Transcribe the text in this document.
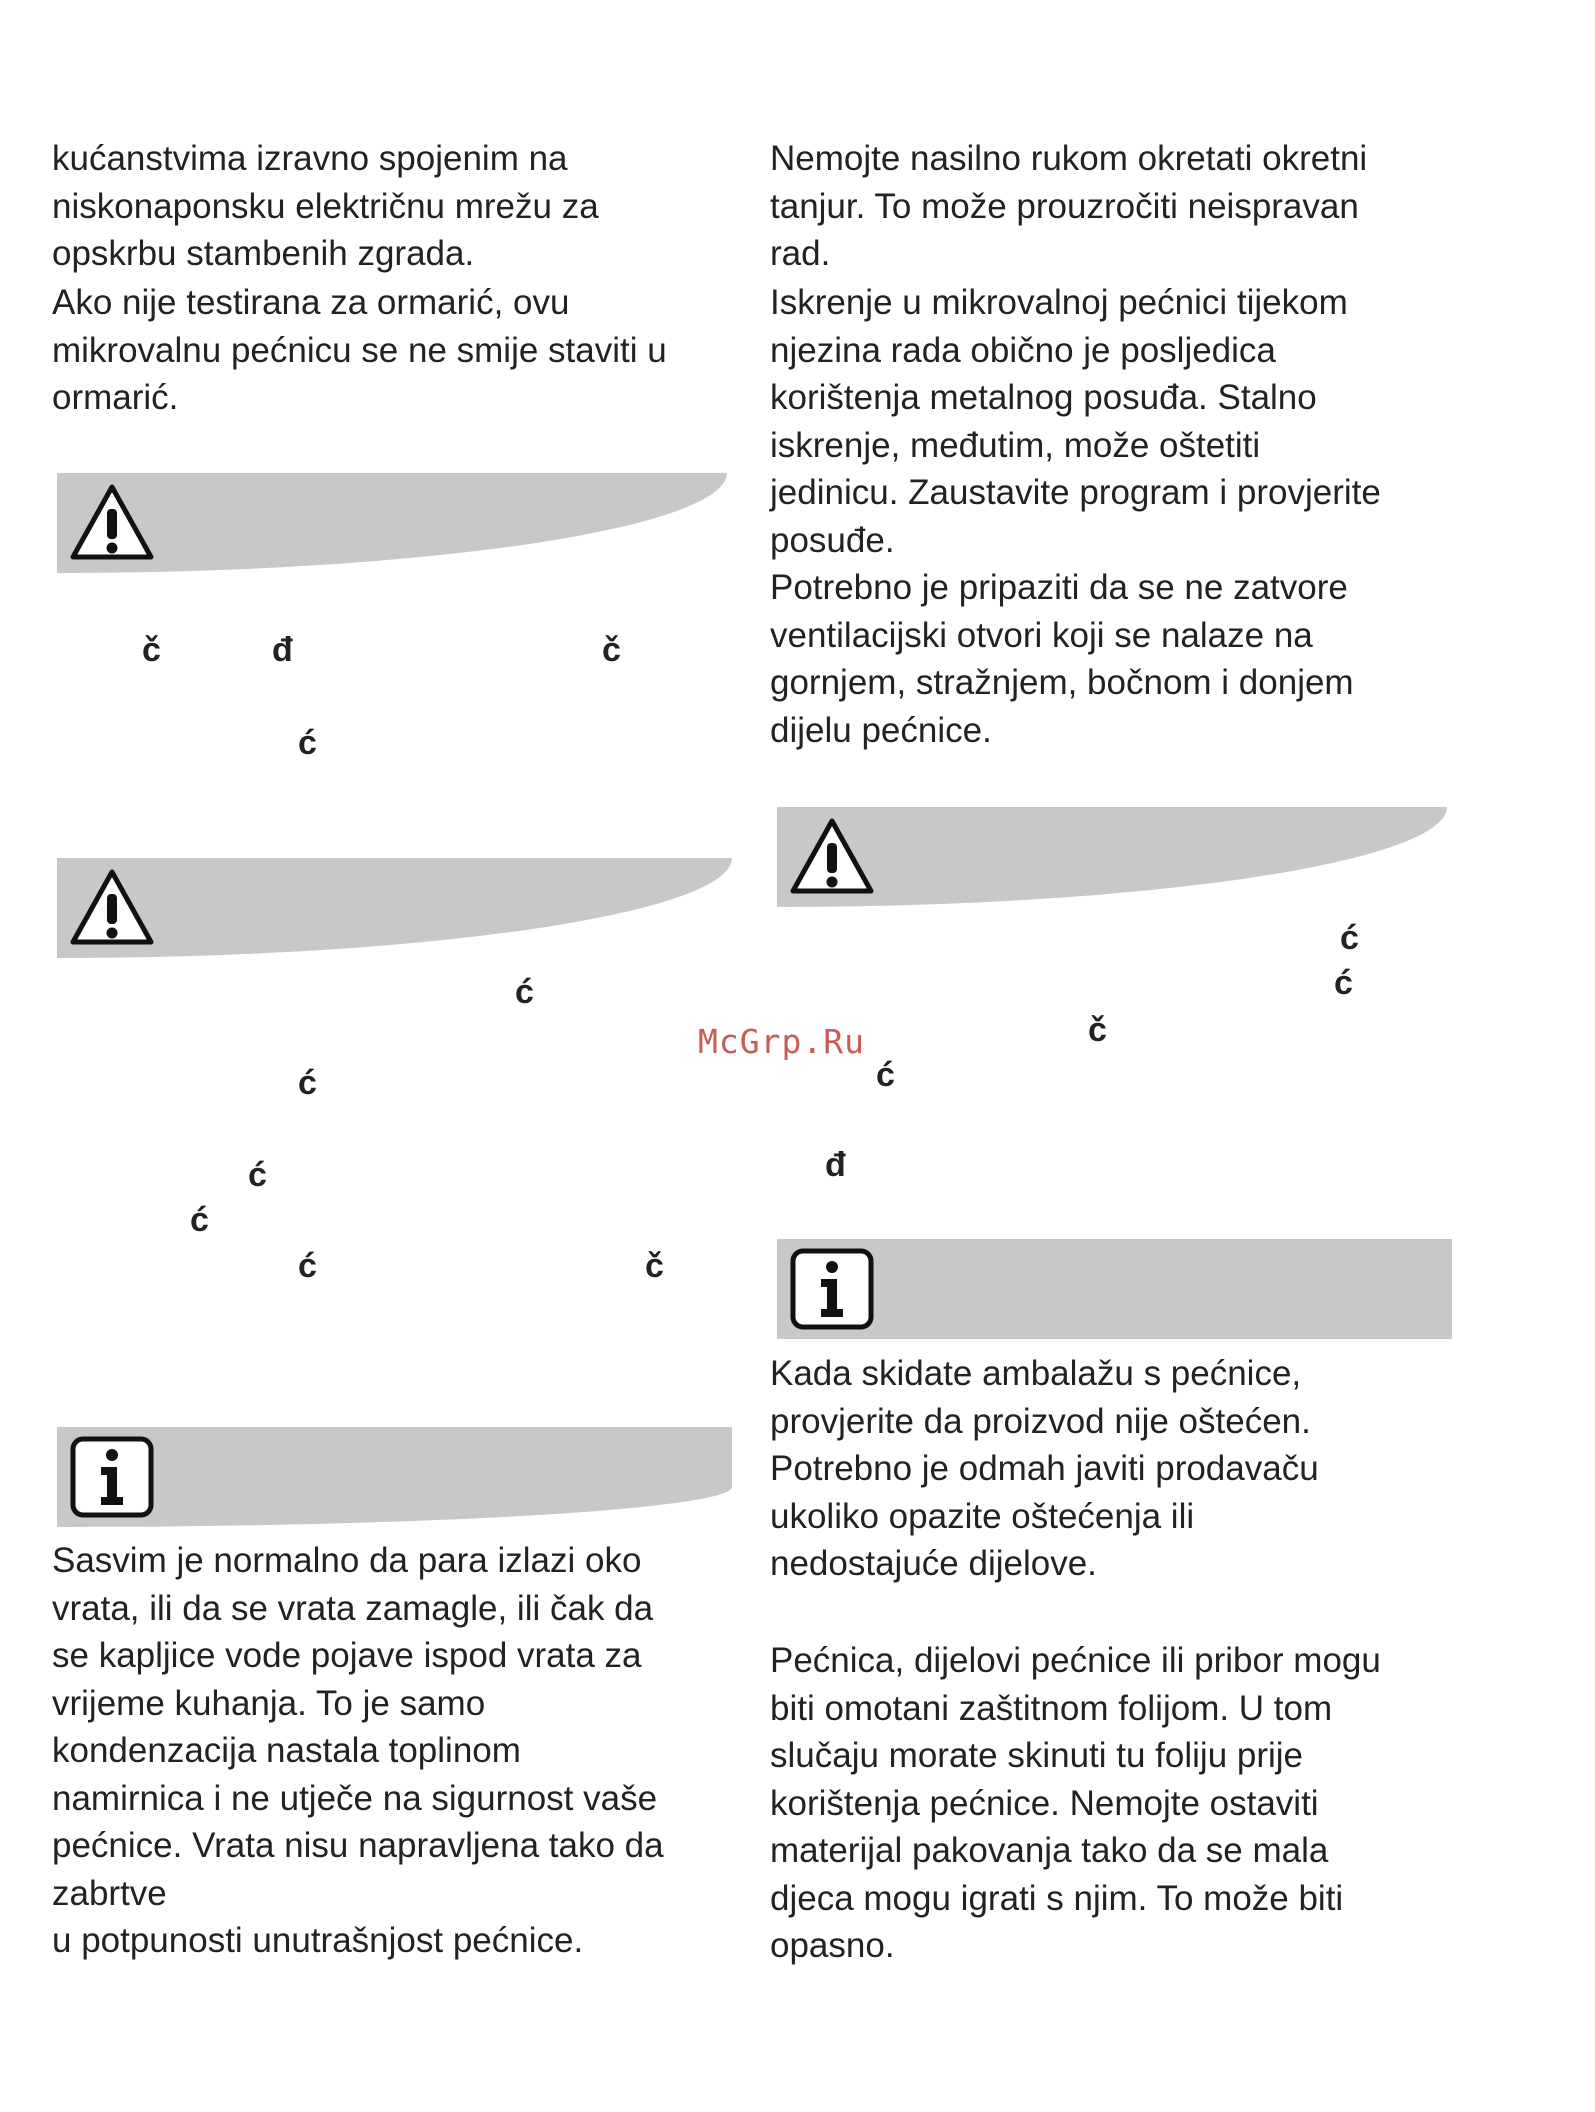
kućanstvima izravno spojenim na
niskonaponsku električnu mrežu za
opskrbu stambenih zgrada.

Ako nije testirana za ormarić, ovu
mikrovalnu pećnicu se ne smije staviti u
ormarić.

č	đ	č
ć
ć
ć
ć
ć
ć	č

Sasvim je normalno da para izlazi oko
vrata, ili da se vrata zamagle, ili čak da
se kapljice vode pojave ispod vrata za
vrijeme kuhanja. To je samo
kondenzacija nastala toplinom
namirnica i ne utječe na sigurnost vaše
pećnice. Vrata nisu napravljena tako da
zabrtve
u potpunosti unutrašnjost pećnice.

Nemojte nasilno rukom okretati okretni
tanjur. To može prouzročiti neispravan
rad.

Iskrenje u mikrovalnoj pećnici tijekom
njezina rada obično je posljedica
korištenja metalnog posuđa. Stalno
iskrenje, međutim, može oštetiti
jedinicu. Zaustavite program i provjerite
posuđe.

Potrebno je pripaziti da se ne zatvore
ventilacijski otvori koji se nalaze na
gornjem, stražnjem, bočnom i donjem
dijelu pećnice.

ć
ć
č
ć
đ

Kada skidate ambalažu s pećnice,
provjerite da proizvod nije oštećen.
Potrebno je odmah javiti prodavaču
ukoliko opazite oštećenja ili
nedostajuće dijelove.

Pećnica, dijelovi pećnice ili pribor mogu
biti omotani zaštitnom folijom. U tom
slučaju morate skinuti tu foliju prije
korištenja pećnice. Nemojte ostaviti
materijal pakovanja tako da se mala
djeca mogu igrati s njim. To može biti
opasno.

McGrp.Ru
